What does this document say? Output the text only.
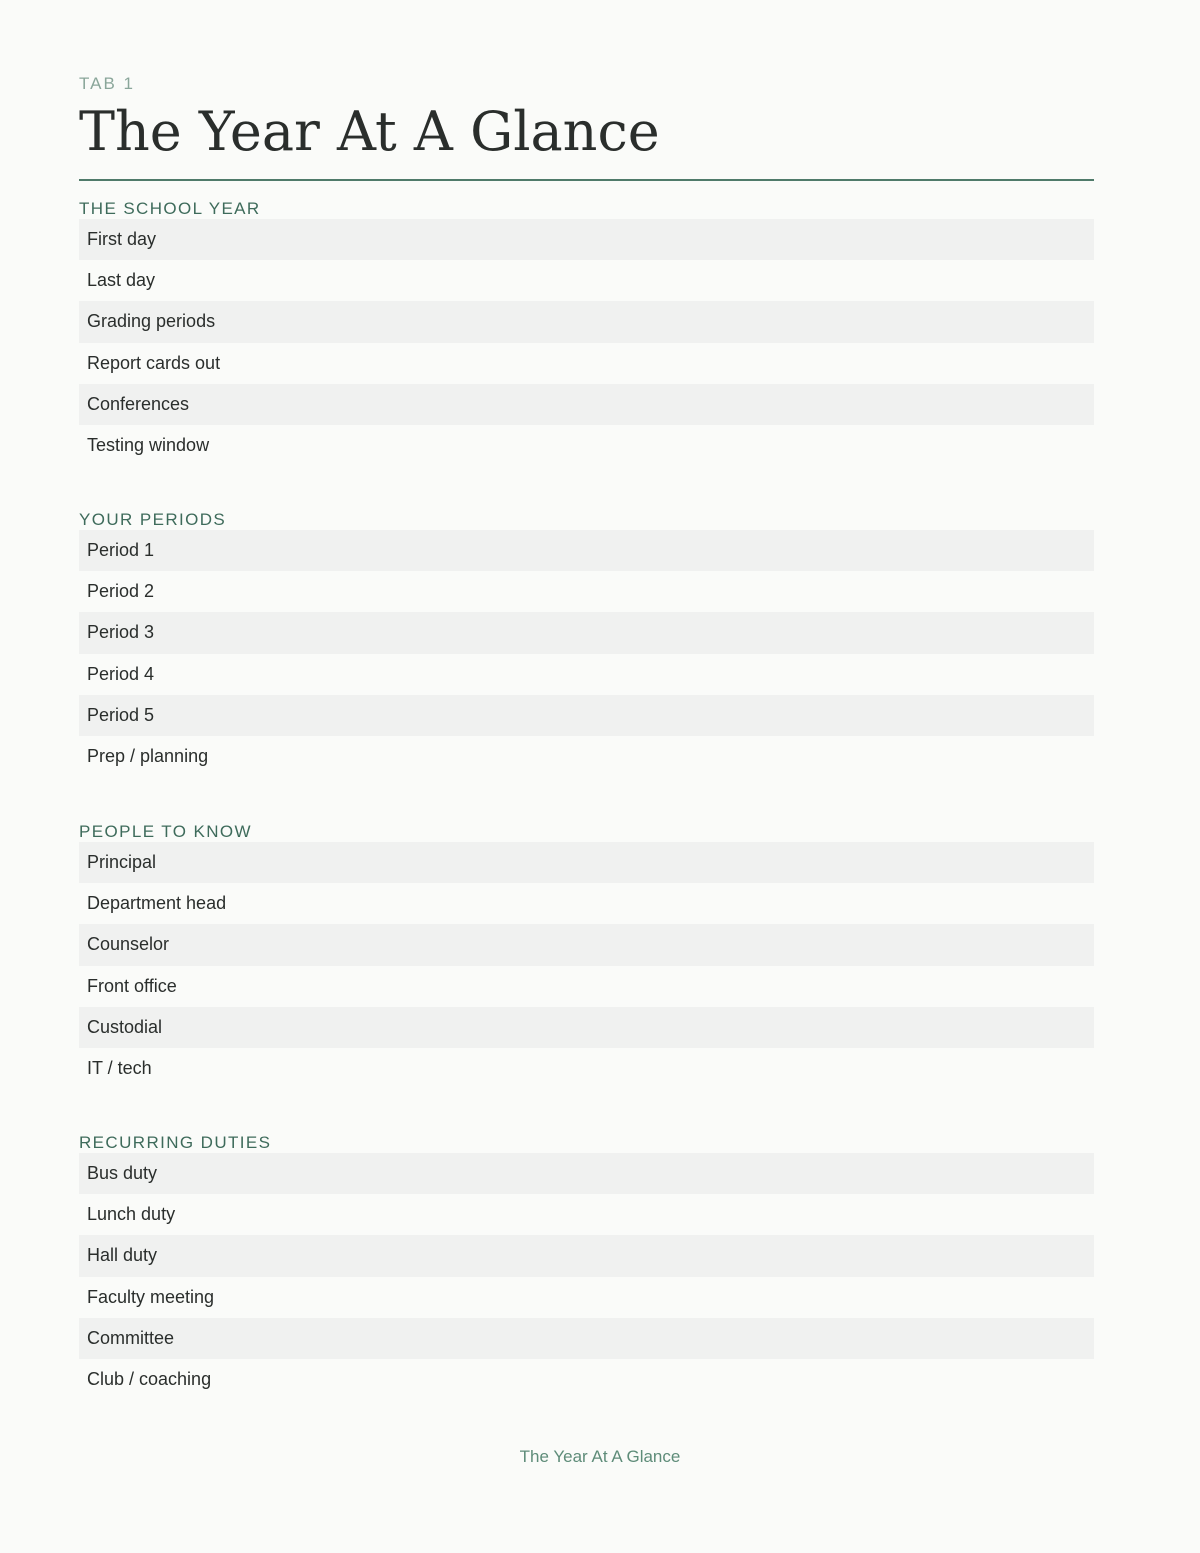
TAB 1
The Year At A Glance
THE SCHOOL YEAR
First day
Last day
Grading periods
Report cards out
Conferences
Testing window
YOUR PERIODS
Period 1
Period 2
Period 3
Period 4
Period 5
Prep / planning
PEOPLE TO KNOW
Principal
Department head
Counselor
Front office
Custodial
IT / tech
RECURRING DUTIES
Bus duty
Lunch duty
Hall duty
Faculty meeting
Committee
Club / coaching
The Year At A Glance
